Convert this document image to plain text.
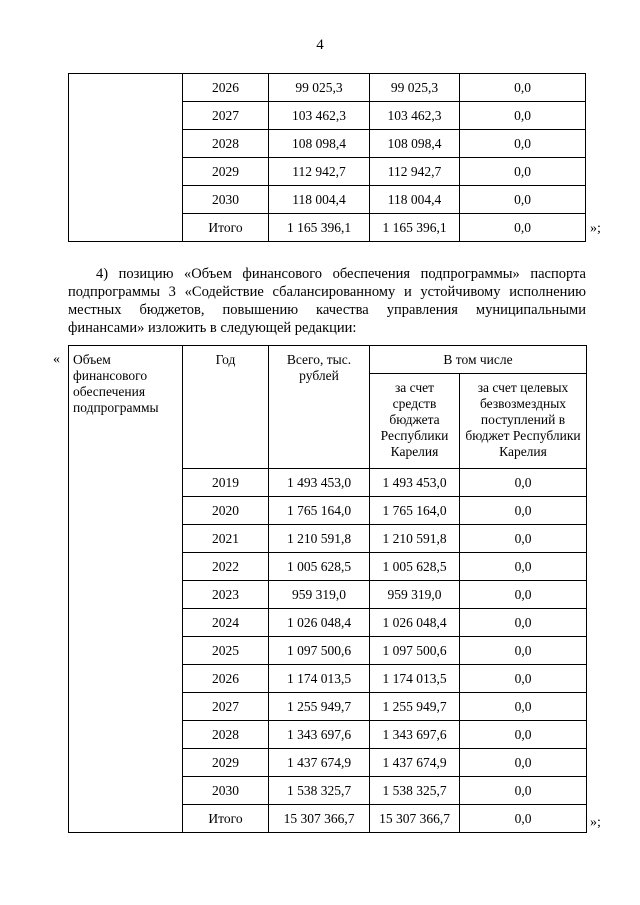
4
	2026	99 025,3	99 025,3	0,0
	2027	103 462,3	103 462,3	0,0
	2028	108 098,4	108 098,4	0,0
	2029	112 942,7	112 942,7	0,0
	2030	118 004,4	118 004,4	0,0
	Итого	1 165 396,1	1 165 396,1	0,0	»;
4) позицию «Объем финансового обеспечения подпрограммы» паспорта
подпрограммы 3 «Содействие сбалансированному и устойчивому исполнению
местных бюджетов, повышению качества управления муниципальными
финансами» изложить в следующей редакции:
« Объем финансового обеспечения подпрограммы	Год	Всего, тыс. рублей	В том числе	
			за счет средств бюджета Республики Карелия	за счет целевых безвозмездных поступлений в бюджет Республики Карелия
	2019	1 493 453,0	1 493 453,0	0,0
	2020	1 765 164,0	1 765 164,0	0,0
	2021	1 210 591,8	1 210 591,8	0,0
	2022	1 005 628,5	1 005 628,5	0,0
	2023	959 319,0	959 319,0	0,0
	2024	1 026 048,4	1 026 048,4	0,0
	2025	1 097 500,6	1 097 500,6	0,0
	2026	1 174 013,5	1 174 013,5	0,0
	2027	1 255 949,7	1 255 949,7	0,0
	2028	1 343 697,6	1 343 697,6	0,0
	2029	1 437 674,9	1 437 674,9	0,0
	2030	1 538 325,7	1 538 325,7	0,0
	Итого	15 307 366,7	15 307 366,7	0,0	»;
